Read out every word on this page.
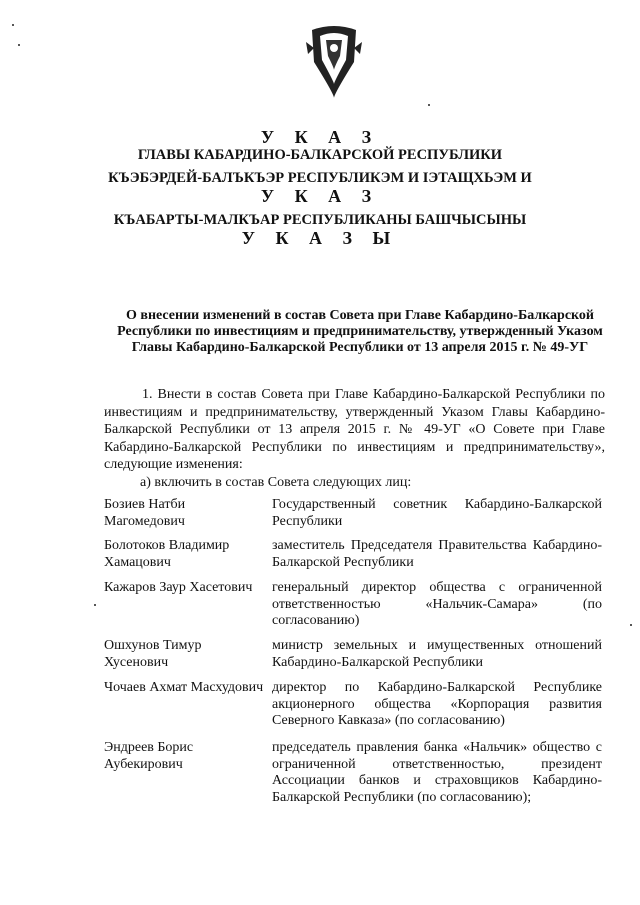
У К А З
ГЛАВЫ КАБАРДИНО-БАЛКАРСКОЙ РЕСПУБЛИКИ
КЪЭБЭРДЕЙ-БАЛЪКЪЭР РЕСПУБЛИКЭМ И ІЭТАЩХЬЭМ И
У К А З
КЪАБАРТЫ-МАЛКЪАР РЕСПУБЛИКАНЫ БАШЧЫСЫНЫ
У К А З Ы
О внесении изменений в состав Совета при Главе Кабардино-Балкарской Республики по инвестициям и предпринимательству, утвержденный Указом Главы Кабардино-Балкарской Республики от 13 апреля 2015 г. № 49-УГ
1. Внести в состав Совета при Главе Кабардино-Балкарской Республики по инвестициям и предпринимательству, утвержденный Указом Главы Кабардино-Балкарской Республики от 13 апреля 2015 г. № 49-УГ «О Совете при Главе Кабардино-Балкарской Республики по инвестициям и предпринимательству», следующие изменения:
а) включить в состав Совета следующих лиц:
Бозиев Натби Магомедович
Государственный советник Кабардино-Балкарской Республики
Болотоков Владимир Хамацович
заместитель Председателя Правительства Кабардино-Балкарской Республики
Кажаров Заур Хасетович	генеральный директор общества с ограниченной ответственностью «Нальчик-Самара» (по согласованию)
Ошхунов Тимур Хусенович
министр земельных и имущественных отношений Кабардино-Балкарской Республики
Чочаев Ахмат Масхудович директор по Кабардино-Балкарской Республике акционерного общества «Корпорация развития Северного Кавказа» (по согласованию)
Эндреев Борис Аубекирович
председатель правления банка «Нальчик» общество с ограниченной ответственностью, президент Ассоциации банков и страховщиков Кабардино-Балкарской Республики (по согласованию);
